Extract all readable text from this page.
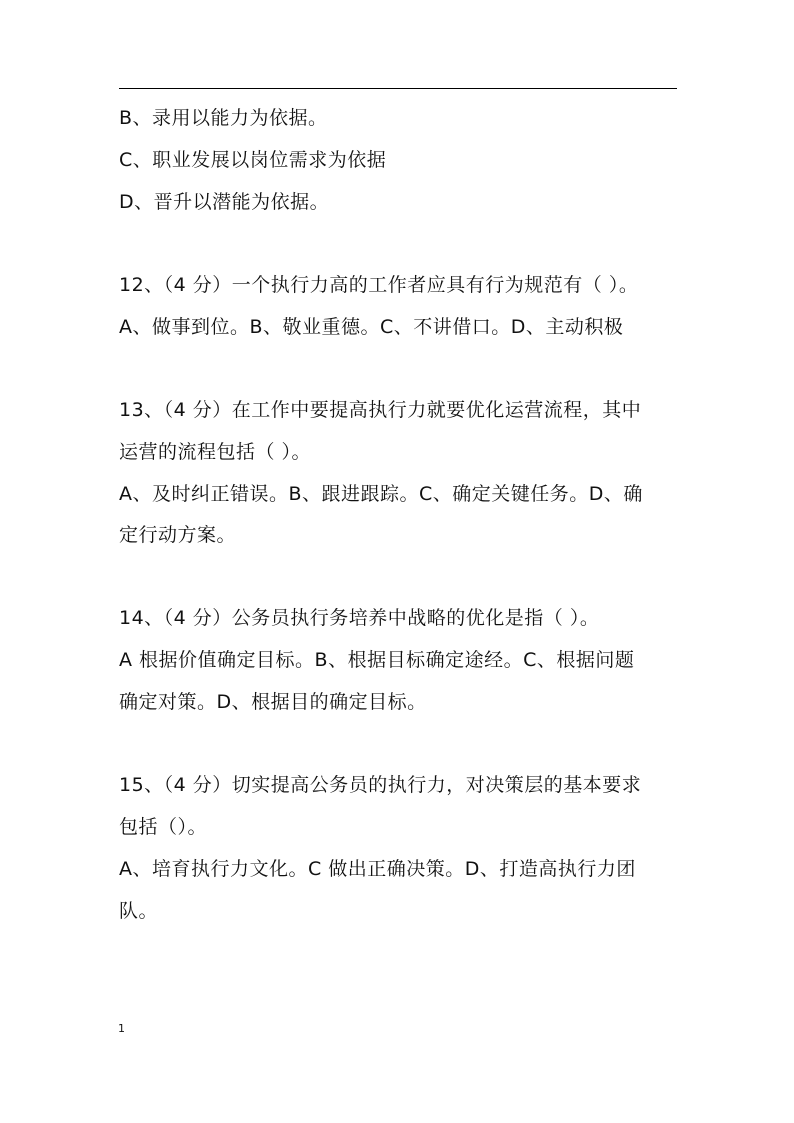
B、录用以能力为依据。
C、职业发展以岗位需求为依据
D、晋升以潜能为依据。
12、（4 分）一个执行力高的工作者应具有行为规范有（ ）。
A、做事到位。B、敬业重德。C、不讲借口。D、主动积极
13、（4 分）在工作中要提高执行力就要优化运营流程，其中
运营的流程包括（ ）。
A、及时纠正错误。B、跟进跟踪。C、确定关键任务。D、确
定行动方案。
14、（4 分）公务员执行务培养中战略的优化是指（ ）。
A 根据价值确定目标。B、根据目标确定途经。C、根据问题
确定对策。D、根据目的确定目标。
15、（4 分）切实提高公务员的执行力，对决策层的基本要求
包括（）。
A、培育执行力文化。C 做出正确决策。D、打造高执行力团
队。
1
